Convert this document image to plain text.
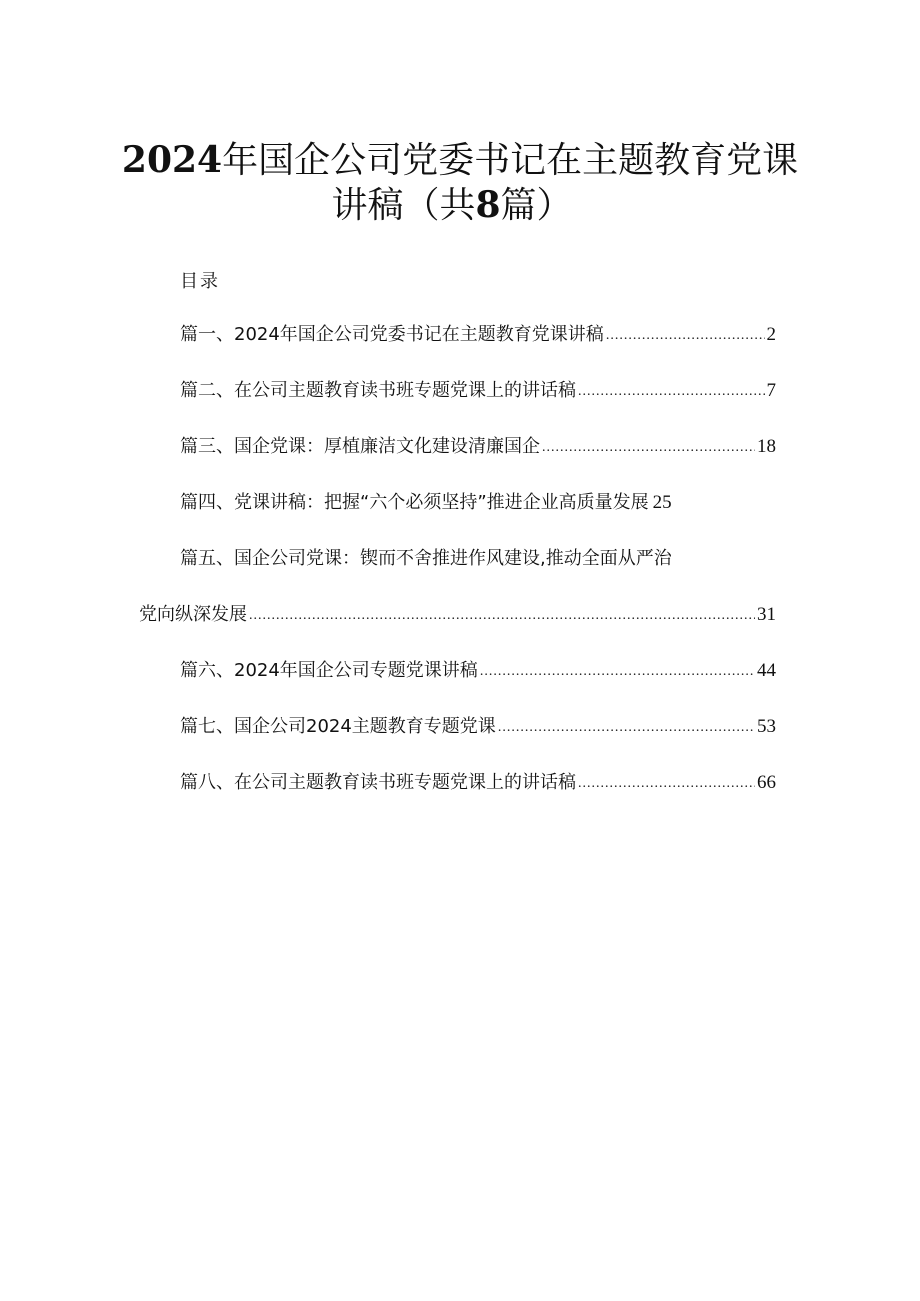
2024年国企公司党委书记在主题教育党课
讲稿（共8篇）
目录
篇一、2024年国企公司党委书记在主题教育党课讲稿 .....	2
篇二、在公司主题教育读书班专题党课上的讲话稿 .....	7
篇三、国企党课：厚植廉洁文化建设清廉国企 .....	18
篇四、党课讲稿：把握“六个必须坚持”推进企业高质量发展 25
篇五、国企公司党课：锲而不舍推进作风建设,推动全面从严治
党向纵深发展 .....	31
篇六、2024年国企公司专题党课讲稿 .....	44
篇七、国企公司2024主题教育专题党课 .....	53
篇八、在公司主题教育读书班专题党课上的讲话稿 .....	66
